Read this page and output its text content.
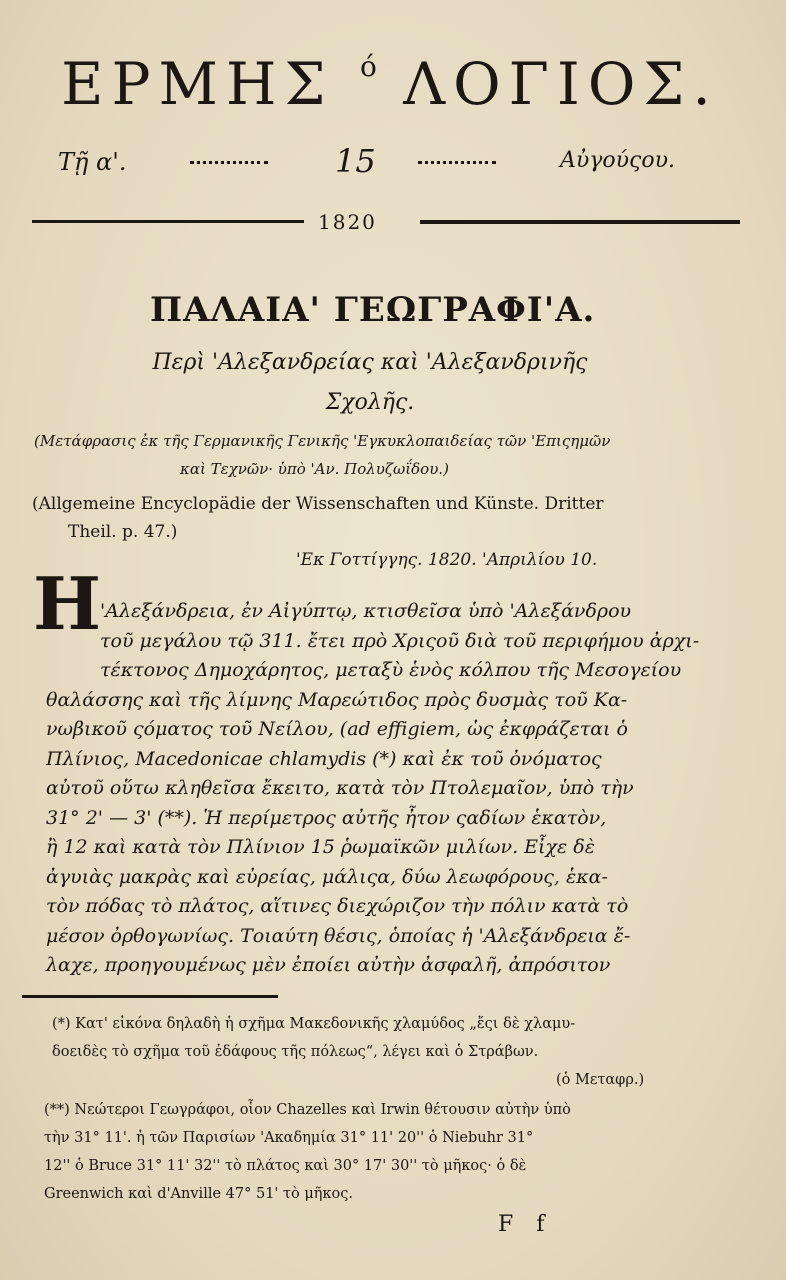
ΕΡΜΗΣ $^ό$ ΛΟΓΙΟΣ.
Τῇ α'.	15	Αὐγούςου.
1820
ΠΑΛΑΙΑ' ΓΕΩΓΡΑΦΙ'Α.
Περὶ 'Αλεξανδρείας καὶ 'Αλεξανδρινῆς
Σχολῆς.
(Μετάφρασις ἐκ τῆς Γερμανικῆς Γενικῆς 'Εγκυκλοπαιδείας τῶν 'Επιςημῶν
καὶ Τεχνῶν· ὑπὸ 'Αν. Πολυζωΐδου.)
(Allgemeine Encyclopädie der Wissenschaften und Künste. Dritter
Theil. p. 47.)
'Εκ Γοττίγγης. 1820. 'Απριλίου 10.
Η
'Αλεξάνδρεια, ἐν Αἰγύπτῳ, κτισθεῖσα ὑπὸ 'Αλεξάνδρου
τοῦ μεγάλου τῷ 311. ἔτει πρὸ Χριςοῦ διὰ τοῦ περιφήμου ἀρχι-
τέκτονος Δημοχάρητος, μεταξὺ ἑνὸς κόλπου τῆς Μεσογείου
θαλάσσης καὶ τῆς λίμνης Μαρεώτιδος πρὸς δυσμὰς τοῦ Κα-
νωβικοῦ ςόματος τοῦ Νείλου, (ad effigiem, ὡς ἐκφράζεται ὁ
Πλίνιος, Macedonicae chlamydis (*) καὶ ἐκ τοῦ ὀνόματος
αὐτοῦ οὕτω κληθεῖσα ἔκειτο, κατὰ τὸν Πτολεμαῖον, ὑπὸ τὴν
31° 2' — 3' (**). Ἡ περίμετρος αὐτῆς ἦτον ςαδίων ἑκατὸν,
ἢ 12 καὶ κατὰ τὸν Πλίνιον 15 ῥωμαϊκῶν μιλίων. Εἶχε δὲ
ἀγυιὰς μακρὰς καὶ εὐρείας, μάλιςα, δύω λεωφόρους, ἑκα-
τὸν πόδας τὸ πλάτος, αἵτινες διεχώριζον τὴν πόλιν κατὰ τὸ
μέσον ὀρθογωνίως. Τοιαύτη θέσις, ὁποίας ἡ 'Αλεξάνδρεια ἔ-
(*) Κατ' εἰκόνα δηλαδὴ ἡ σχῆμα Μακεδονικῆς χλαμύδος „ἔςι δὲ χλαμυ-
δοειδὲς τὸ σχῆμα τοῦ ἐδάφους τῆς πόλεως“, λέγει καὶ ὁ Στράβων.
(ὁ Μεταφρ.)
(**) Νεώτεροι Γεωγράφοι, οἷον Chazelles καὶ Irwin θέτουσιν αὐτὴν ὑπὸ
τὴν 31° 11'. ἡ τῶν Παρισίων 'Ακαδημία 31° 11' 20'' ὁ Niebuhr 31°
12'' ὁ Bruce 31° 11' 32'' τὸ πλάτος καὶ 30° 17' 30'' τὸ μῆκος· ὁ δὲ
Greenwich καὶ d'Anville 47° 51' τὸ μῆκος.
F f
λαχε, προηγουμένως μὲν ἐποίει αὐτὴν ἀσφαλῆ, ἀπρόσιτον
